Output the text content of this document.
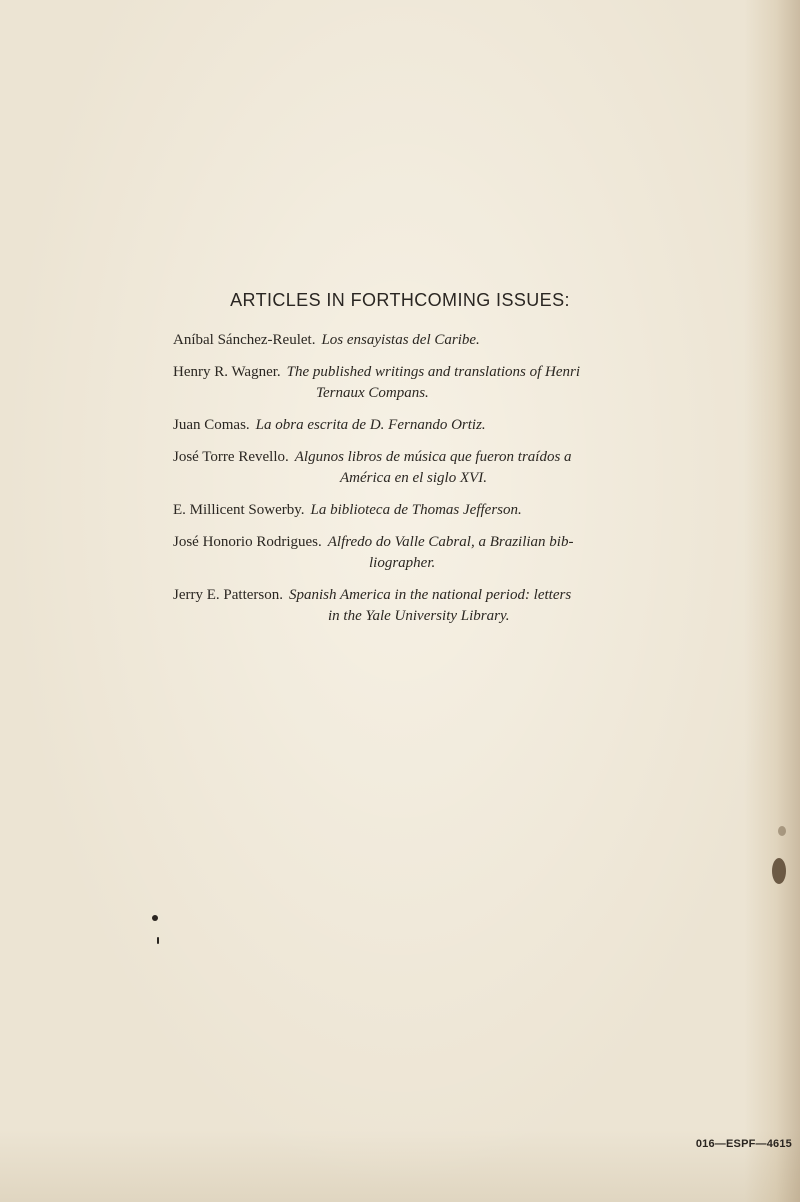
ARTICLES IN FORTHCOMING ISSUES:
Aníbal Sánchez-Reulet. Los ensayistas del Caribe.
Henry R. Wagner. The published writings and translations of Henri
Ternaux Compans.
Juan Comas. La obra escrita de D. Fernando Ortiz.
José Torre Revello. Algunos libros de música que fueron traídos a
América en el siglo XVI.
E. Millicent Sowerby. La biblioteca de Thomas Jefferson.
José Honorio Rodrigues. Alfredo do Valle Cabral, a Brazilian bib-
liographer.
Jerry E. Patterson. Spanish America in the national period: letters
in the Yale University Library.
016—ESPF—4615
